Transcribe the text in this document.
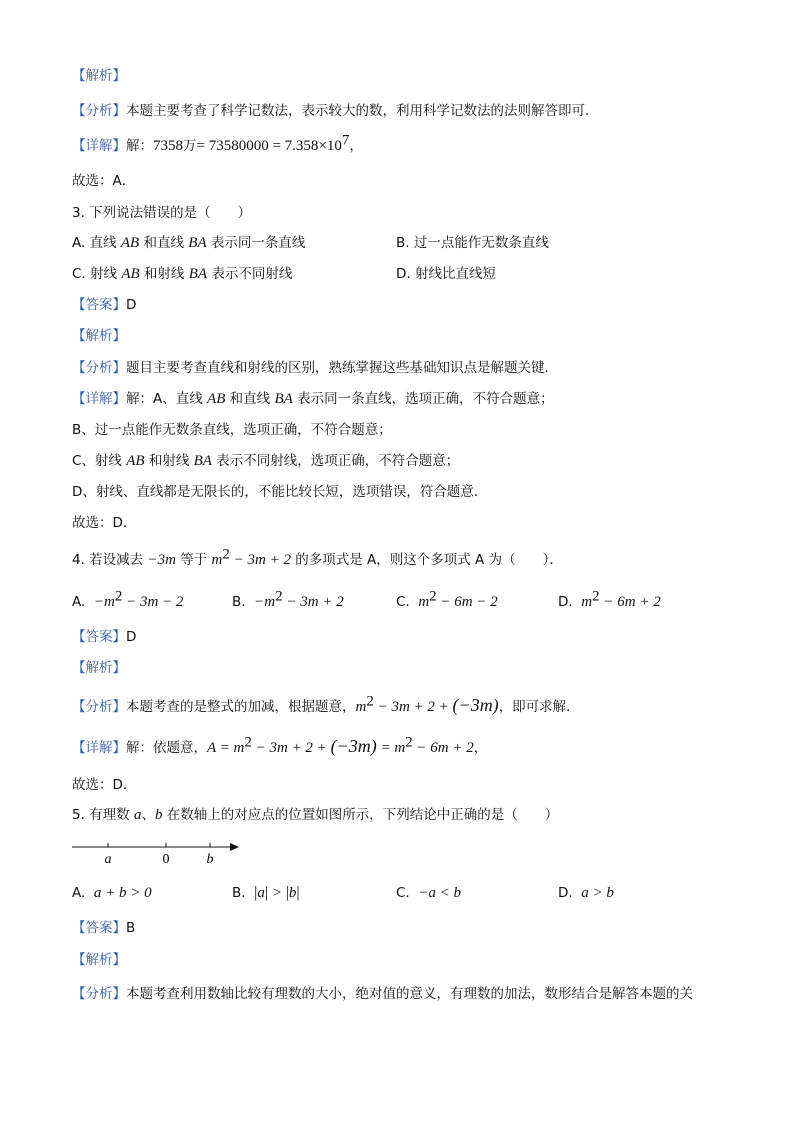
【解析】
【分析】本题主要考查了科学记数法，表示较大的数，利用科学记数法的法则解答即可．
【详解】解：7358万= $73580000 = 7.358\times 10^7$，
故选：A．
3. 下列说法错误的是（　　）
A. 直线 AB 和直线 BA 表示同一条直线	B. 过一点能作无数条直线
C. 射线 AB 和射线 BA 表示不同射线	D. 射线比直线短
【答案】D
【解析】
【分析】题目主要考查直线和射线的区别，熟练掌握这些基础知识点是解题关键．
【详解】解：A、直线 AB 和直线 BA 表示同一条直线，选项正确，不符合题意；
B、过一点能作无数条直线，选项正确，不符合题意；
C、射线 AB 和射线 BA 表示不同射线，选项正确，不符合题意；
D、射线、直线都是无限长的，不能比较长短，选项错误，符合题意．
故选：D．
4. 若设减去 −3m 等于 $m^2 - 3m + 2$ 的多项式是 A，则这个多项式 A 为（　　）．
A. $-m^2 - 3m - 2$	B. $-m^2 - 3m + 2$	C. $m^2 - 6m - 2$	D. $m^2 - 6m + 2$
【答案】D
【解析】
【分析】本题考查的是整式的加减，根据题意，$m^2 - 3m + 2 + (-3m)$，即可求解．
【详解】解：依题意，$A = m^2 - 3m + 2 + (-3m) = m^2 - 6m + 2$，
故选：D．
5. 有理数 a、b 在数轴上的对应点的位置如图所示，下列结论中正确的是（　　）
a	0	b
A. a + b > 0	B. |a| > |b|	C. −a < b	D. a > b
【答案】B
【解析】
【分析】本题考查利用数轴比较有理数的大小，绝对值的意义，有理数的加法，数形结合是解答本题的关
